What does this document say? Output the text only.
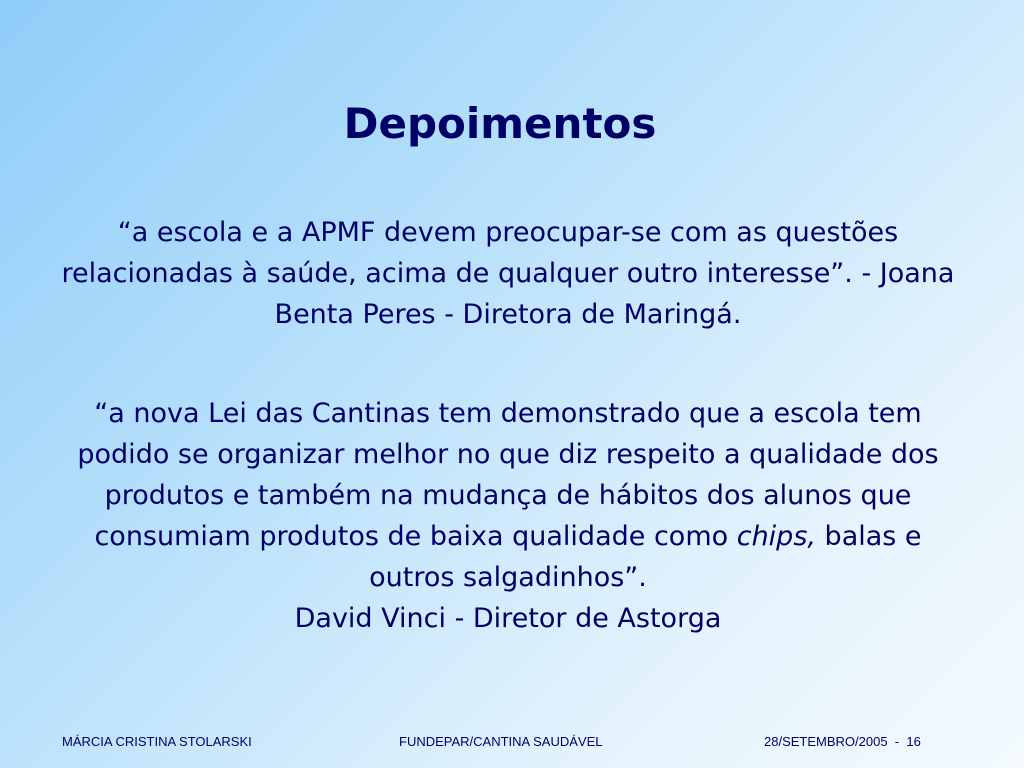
Depoimentos
“a escola e a APMF devem preocupar-se com as questões relacionadas à saúde, acima de qualquer outro interesse”. - Joana Benta Peres - Diretora de Maringá.
“a nova Lei das Cantinas tem demonstrado que a escola tem podido se organizar melhor no que diz respeito a qualidade dos produtos e também na mudança de hábitos dos alunos que consumiam produtos de baixa qualidade como chips, balas e outros salgadinhos”.
David Vinci - Diretor de Astorga
MÁRCIA CRISTINA STOLARSKI	FUNDEPAR/CANTINA SAUDÁVEL	28/SETEMBRO/2005  -  16
